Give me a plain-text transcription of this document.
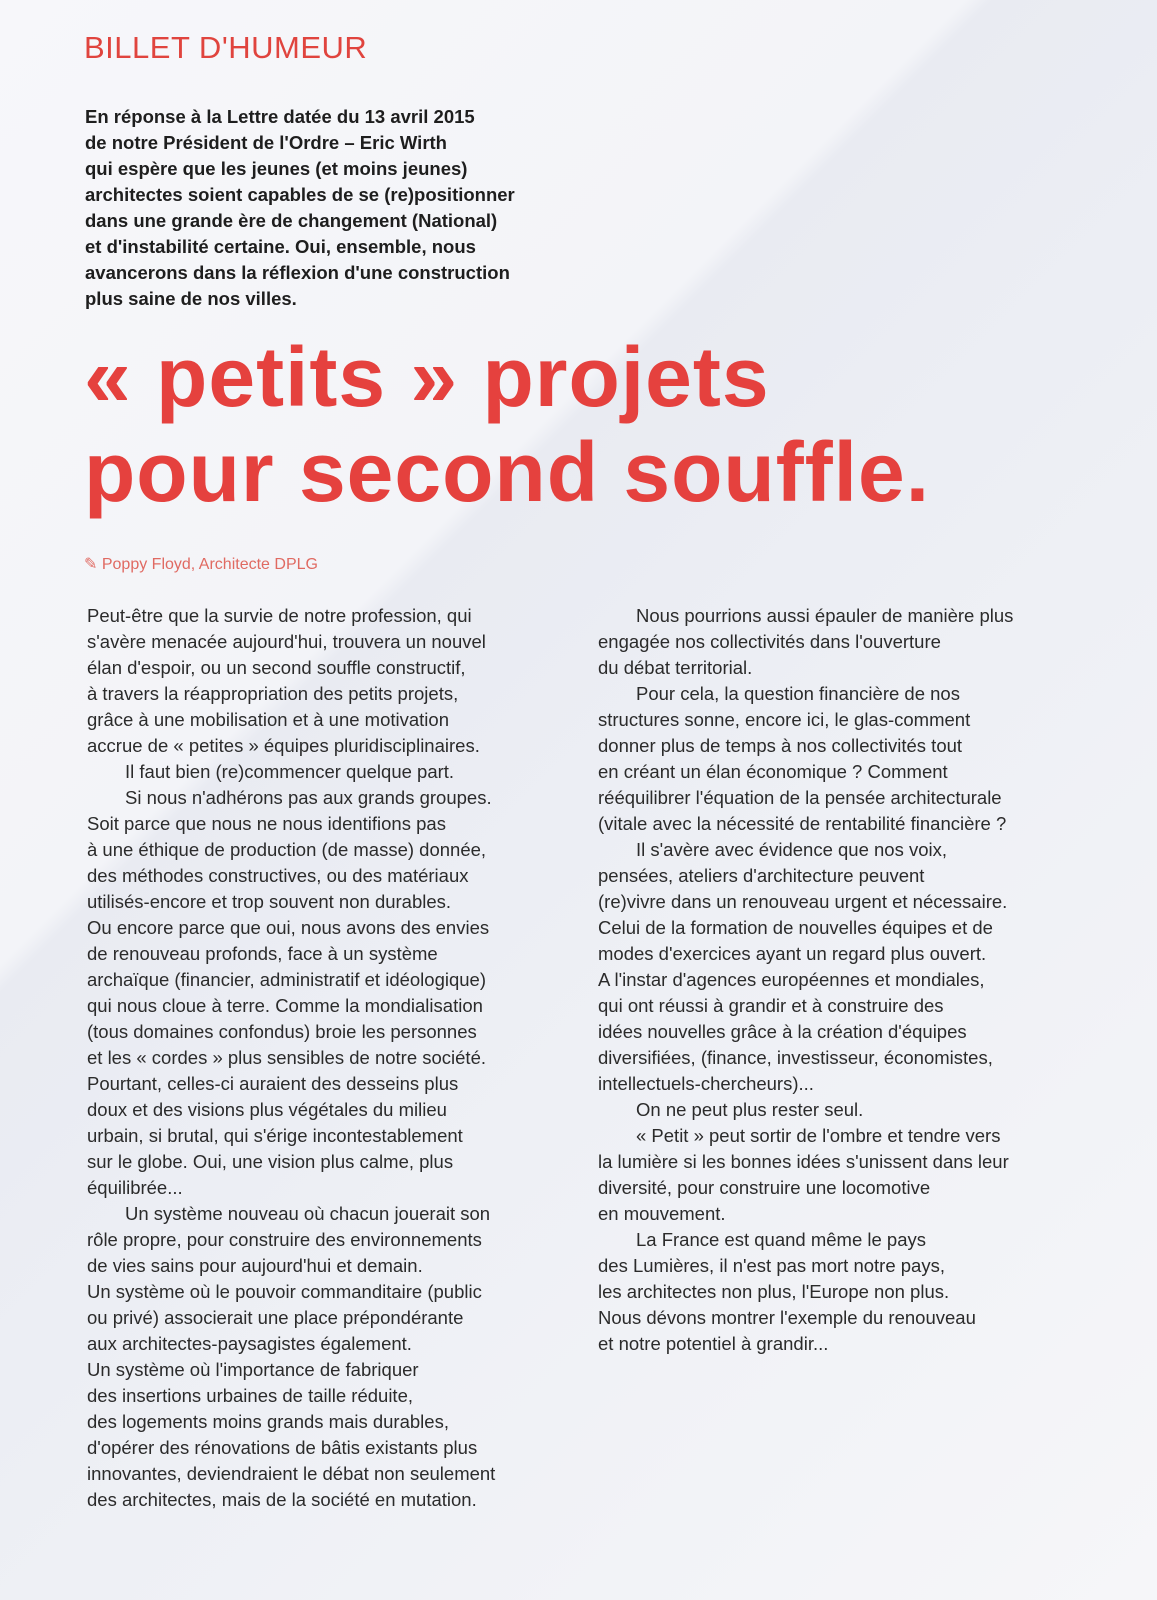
BILLET D'HUMEUR
En réponse à la Lettre datée du 13 avril 2015
de notre Président de l'Ordre – Eric Wirth
qui espère que les jeunes (et moins jeunes)
architectes soient capables de se (re)positionner
dans une grande ère de changement (National)
et d'instabilité certaine. Oui, ensemble, nous
avancerons dans la réflexion d'une construction
plus saine de nos villes.
« petits » projets
pour second souffle.
✎ Poppy Floyd, Architecte DPLG
Peut-être que la survie de notre profession, qui
s'avère menacée aujourd'hui, trouvera un nouvel
élan d'espoir, ou un second souffle constructif,
à travers la réappropriation des petits projets,
grâce à une mobilisation et à une motivation
accrue de « petites » équipes pluridisciplinaires.
Il faut bien (re)commencer quelque part.
Si nous n'adhérons pas aux grands groupes.
Soit parce que nous ne nous identifions pas
à une éthique de production (de masse) donnée,
des méthodes constructives, ou des matériaux
utilisés-encore et trop souvent non durables.
Ou encore parce que oui, nous avons des envies
de renouveau profonds, face à un système
archaïque (financier, administratif et idéologique)
qui nous cloue à terre. Comme la mondialisation
(tous domaines confondus) broie les personnes
et les « cordes » plus sensibles de notre société.
Pourtant, celles-ci auraient des desseins plus
doux et des visions plus végétales du milieu
urbain, si brutal, qui s'érige incontestablement
sur le globe. Oui, une vision plus calme, plus
équilibrée...
Un système nouveau où chacun jouerait son
rôle propre, pour construire des environnements
de vies sains pour aujourd'hui et demain.
Un système où le pouvoir commanditaire (public
ou privé) associerait une place prépondérante
aux architectes-paysagistes également.
Un système où l'importance de fabriquer
des insertions urbaines de taille réduite,
des logements moins grands mais durables,
d'opérer des rénovations de bâtis existants plus
innovantes, deviendraient le débat non seulement
des architectes, mais de la société en mutation.
Nous pourrions aussi épauler de manière plus
engagée nos collectivités dans l'ouverture
du débat territorial.
Pour cela, la question financière de nos
structures sonne, encore ici, le glas-comment
donner plus de temps à nos collectivités tout
en créant un élan économique ? Comment
rééquilibrer l'équation de la pensée architecturale
(vitale avec la nécessité de rentabilité financière ?
Il s'avère avec évidence que nos voix,
pensées, ateliers d'architecture peuvent
(re)vivre dans un renouveau urgent et nécessaire.
Celui de la formation de nouvelles équipes et de
modes d'exercices ayant un regard plus ouvert.
A l'instar d'agences européennes et mondiales,
qui ont réussi à grandir et à construire des
idées nouvelles grâce à la création d'équipes
diversifiées, (finance, investisseur, économistes,
intellectuels-chercheurs)...
On ne peut plus rester seul.
« Petit » peut sortir de l'ombre et tendre vers
la lumière si les bonnes idées s'unissent dans leur
diversité, pour construire une locomotive
en mouvement.
La France est quand même le pays
des Lumières, il n'est pas mort notre pays,
les architectes non plus, l'Europe non plus.
Nous dévons montrer l'exemple du renouveau
et notre potentiel à grandir...
